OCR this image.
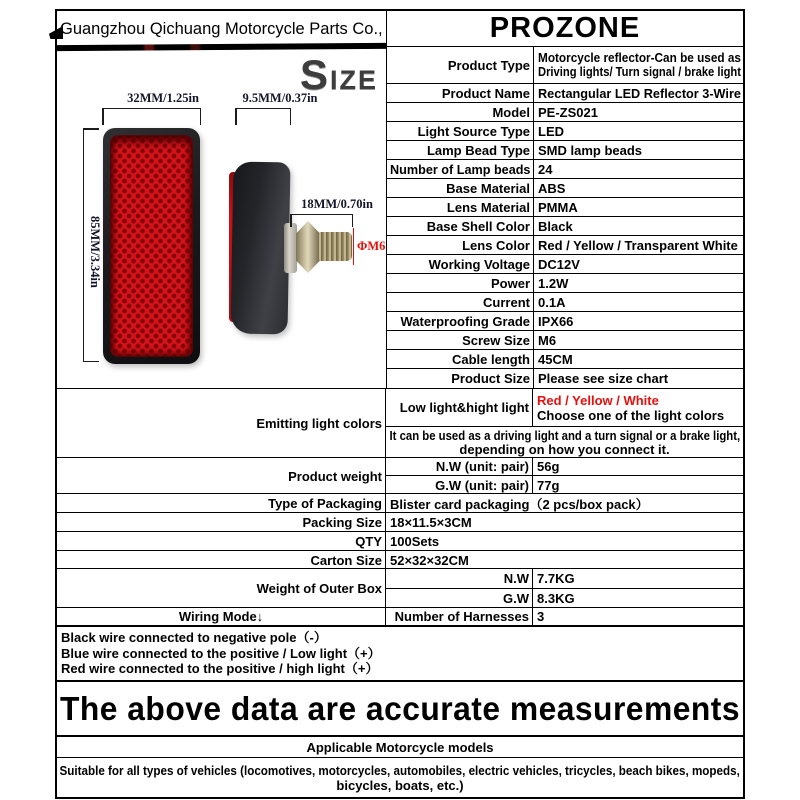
Guangzhou Qichuang Motorcycle Parts Co.,	PROZONE
SIZE
32MM/1.25in
85MM/3.34in
9.5MM/0.37in
18MM/0.70in
ΦM6
Product Type Motorcycle reflector-Can be used as
Driving lights/ Turn signal / brake light
Product Name Rectangular LED Reflector 3-Wire
Model PE-ZS021
Light Source Type LED
Lamp Bead Type SMD lamp beads
Number of Lamp beads 24
Base Material ABS
Lens Material PMMA
Base Shell Color Black
Lens Color Red / Yellow / Transparent White
Working Voltage DC12V
Power 1.2W
Current 0.1A
Waterproofing Grade IPX66
Screw Size M6
Cable length 45CM
Product Size Please see size chart
Emitting light colors
Low light&hight light Red / Yellow / White
Choose one of the light colors
It can be used as a driving light and a turn signal or a brake light,
depending on how you connect it.
Product weight
N.W (unit: pair) 56g
G.W (unit: pair) 77g
Type of Packaging Blister card packaging（2 pcs/box pack）
Packing Size 18×11.5×3CM
QTY 100Sets
Carton Size 52×32×32CM
Weight of Outer Box
N.W 7.7KG
G.W 8.3KG
Wiring Mode↓	Number of Harnesses 3
Black wire connected to negative pole（-）
Blue wire connected to the positive / Low light（+）
Red wire connected to the positive / high light（+）
The above data are accurate measurements
Applicable Motorcycle models
Suitable for all types of vehicles (locomotives, motorcycles, automobiles, electric vehicles, tricycles, beach bikes, mopeds,
bicycles, boats, etc.)
